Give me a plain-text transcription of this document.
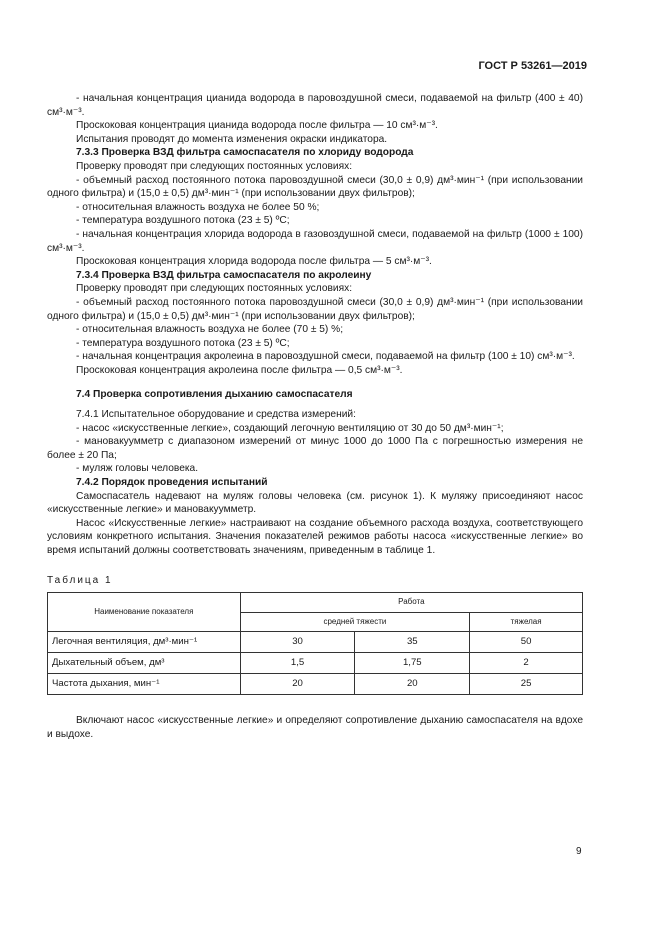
ГОСТ Р 53261—2019

- начальная концентрация цианида водорода в паровоздушной смеси, подаваемой на фильтр (400 ± 40) см³·м⁻³.

Проскоковая концентрация цианида водорода после фильтра — 10 см³·м⁻³.

Испытания проводят до момента изменения окраски индикатора.

7.3.3 Проверка ВЗД фильтра самоспасателя по хлориду водорода

Проверку проводят при следующих постоянных условиях:

- объемный расход постоянного потока паровоздушной смеси (30,0 ± 0,9) дм³·мин⁻¹ (при использовании одного фильтра) и (15,0 ± 0,5) дм³·мин⁻¹ (при использовании двух фильтров);

- относительная влажность воздуха не более 50 %;

- температура воздушного потока (23 ± 5) ºС;

- начальная концентрация хлорида водорода в газовоздушной смеси, подаваемой на фильтр (1000 ± 100) см³·м⁻³.

Проскоковая концентрация хлорида водорода после фильтра — 5 см³·м⁻³.

7.3.4 Проверка ВЗД фильтра самоспасателя по акролеину

Проверку проводят при следующих постоянных условиях:

- объемный расход постоянного потока паровоздушной смеси (30,0 ± 0,9) дм³·мин⁻¹ (при использовании одного фильтра) и (15,0 ± 0,5) дм³·мин⁻¹ (при использовании двух фильтров);

- относительная влажность воздуха не более (70 ± 5) %;

- температура воздушного потока (23 ± 5) ºС;

- начальная концентрация акролеина в паровоздушной смеси, подаваемой на фильтр (100 ± 10) см³·м⁻³.

Проскоковая концентрация акролеина после фильтра — 0,5 см³·м⁻³.

7.4 Проверка сопротивления дыханию самоспасателя

7.4.1 Испытательное оборудование и средства измерений:

- насос «искусственные легкие», создающий легочную вентиляцию от 30 до 50 дм³·мин⁻¹;

- мановакуумметр с диапазоном измерений от минус 1000 до 1000 Па с погрешностью измерения не более ± 20 Па;

- муляж головы человека.

7.4.2 Порядок проведения испытаний

Самоспасатель надевают на муляж головы человека (см. рисунок 1). К муляжу присоединяют насос «искусственные легкие» и мановакуумметр.

Насос «Искусственные легкие» настраивают на создание объемного расхода воздуха, соответствующего условиям конкретного испытания. Значения показателей режимов работы насоса «искусственные легкие» во время испытаний должны соответствовать значениям, приведенным в таблице 1.

Таблица 1
Наименование показателя	Работа		
	средней тяжести		тяжелая
Легочная вентиляция, дм³·мин⁻¹	30	35	50
Дыхательный объем, дм³	1,5	1,75	2
Частота дыхания, мин⁻¹	20	20	25

Включают насос «искусственные легкие» и определяют сопротивление дыханию самоспасателя на вдохе и выдохе.

9
